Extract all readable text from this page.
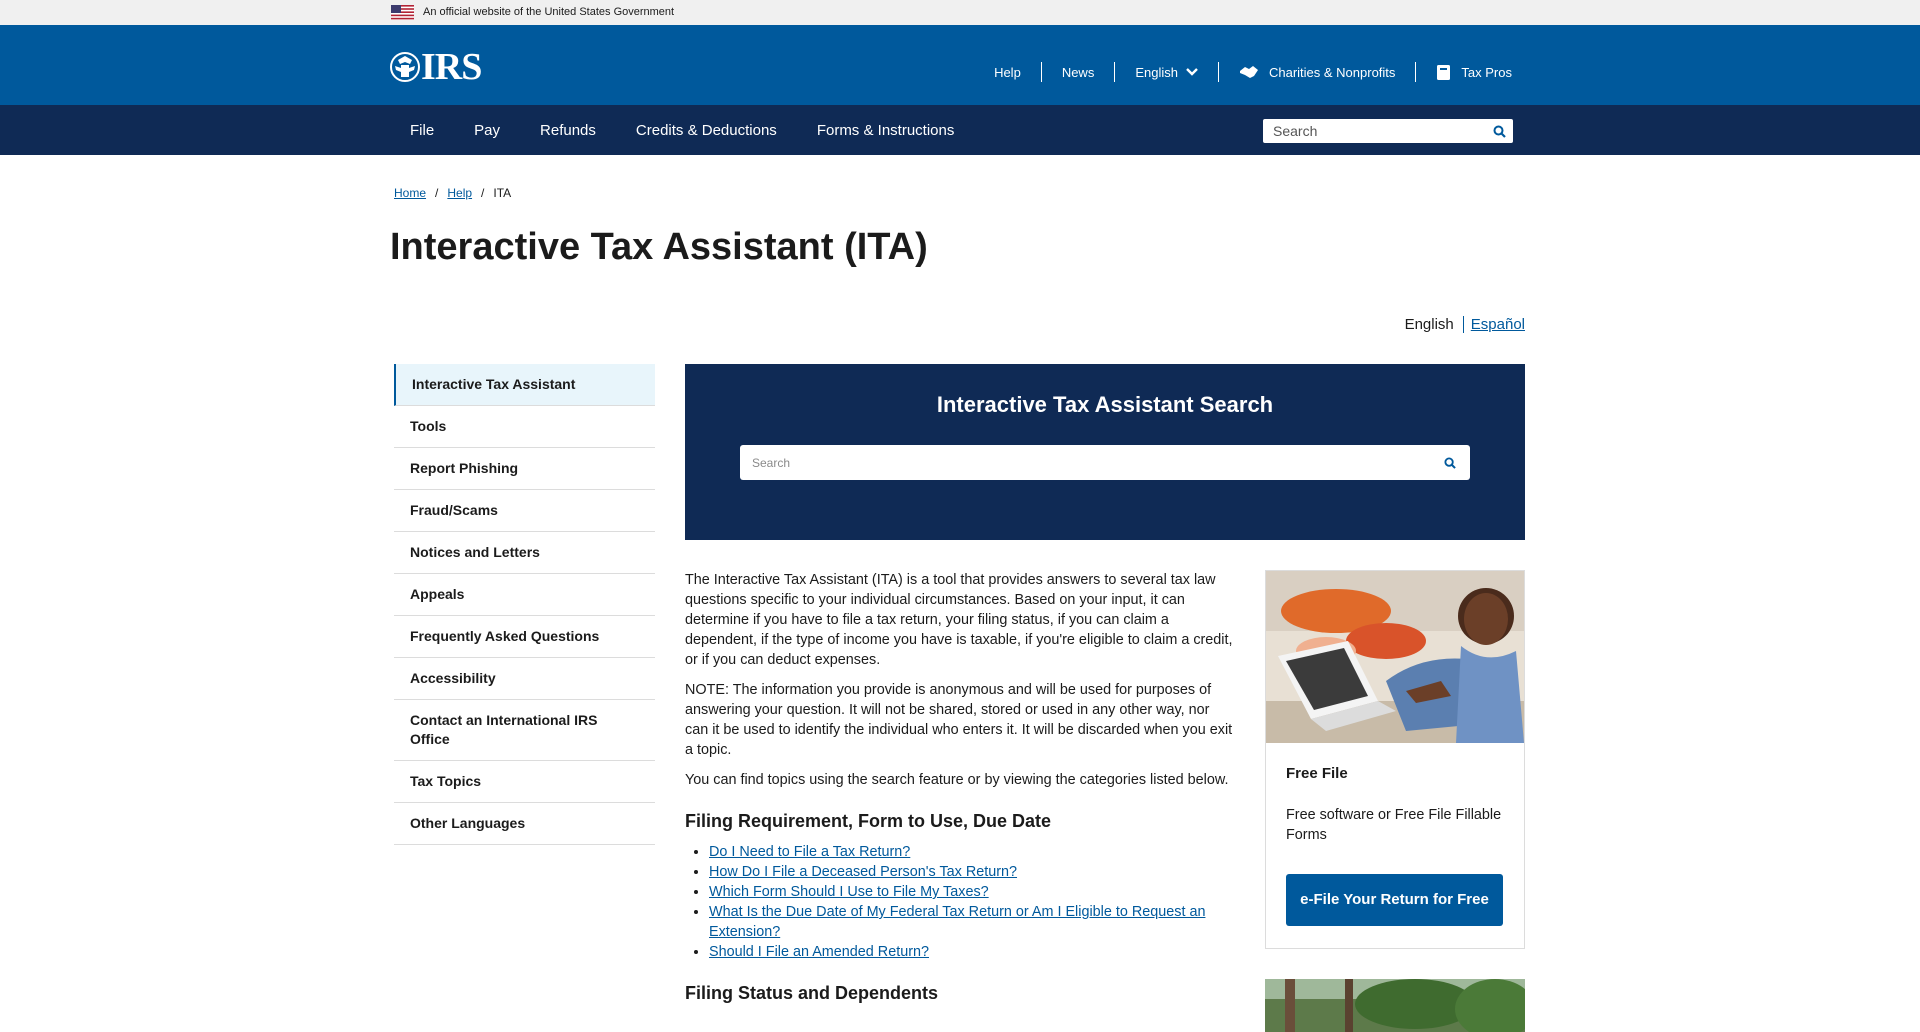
An official website of the United States Government
IRS	Help	News	English	Charities & Nonprofits	Tax Pros
File	Pay	Refunds	Credits & Deductions	Forms & Instructions
Search
Home / Help / ITA
Interactive Tax Assistant (ITA)
English	Español
Interactive Tax Assistant
Tools
Report Phishing
Fraud/Scams
Notices and Letters
Appeals
Frequently Asked Questions
Accessibility
Contact an International IRS Office
Tax Topics
Other Languages
Interactive Tax Assistant Search
Search

The Interactive Tax Assistant (ITA) is a tool that provides answers to several tax law questions specific to your individual circumstances. Based on your input, it can determine if you have to file a tax return, your filing status, if you can claim a dependent, if the type of income you have is taxable, if you're eligible to claim a credit, or if you can deduct expenses.

NOTE: The information you provide is anonymous and will be used for purposes of answering your question. It will not be shared, stored or used in any other way, nor can it be used to identify the individual who enters it. It will be discarded when you exit a topic.

You can find topics using the search feature or by viewing the categories listed below.

Filing Requirement, Form to Use, Due Date
• Do I Need to File a Tax Return?
• How Do I File a Deceased Person's Tax Return?
• Which Form Should I Use to File My Taxes?
• What Is the Due Date of My Federal Tax Return or Am I Eligible to Request an Extension?
• Should I File an Amended Return?
Filing Status and Dependents
Free File
Free software or Free File Fillable Forms
e-File Your Return for Free
